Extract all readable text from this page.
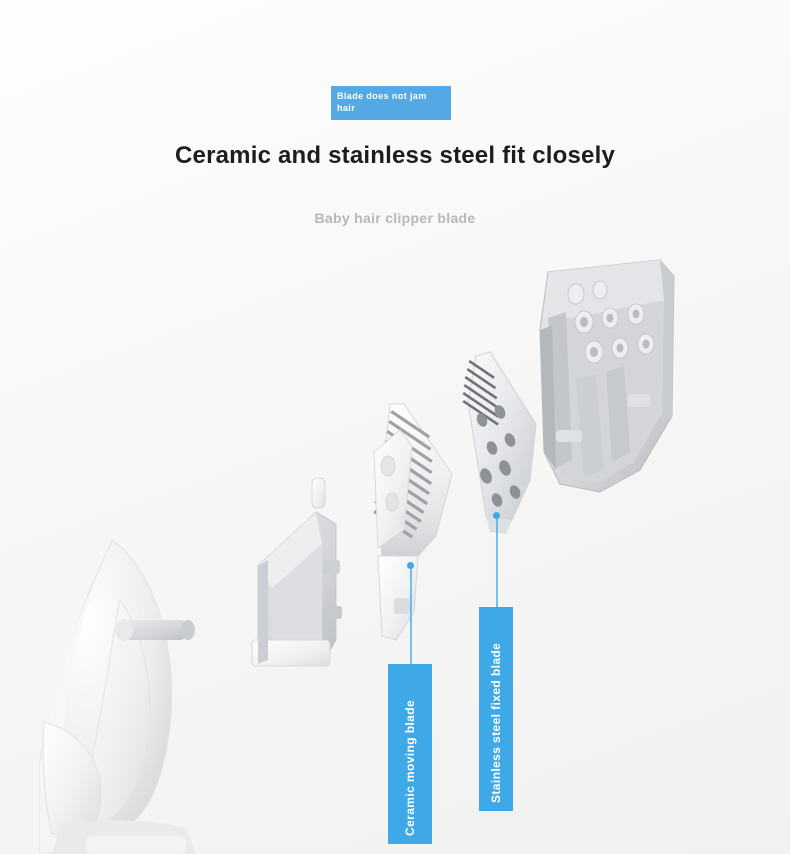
Blade does not jam hair
Ceramic and stainless steel fit closely
Baby hair clipper blade
Ceramic moving blade	Stainless steel fixed blade
